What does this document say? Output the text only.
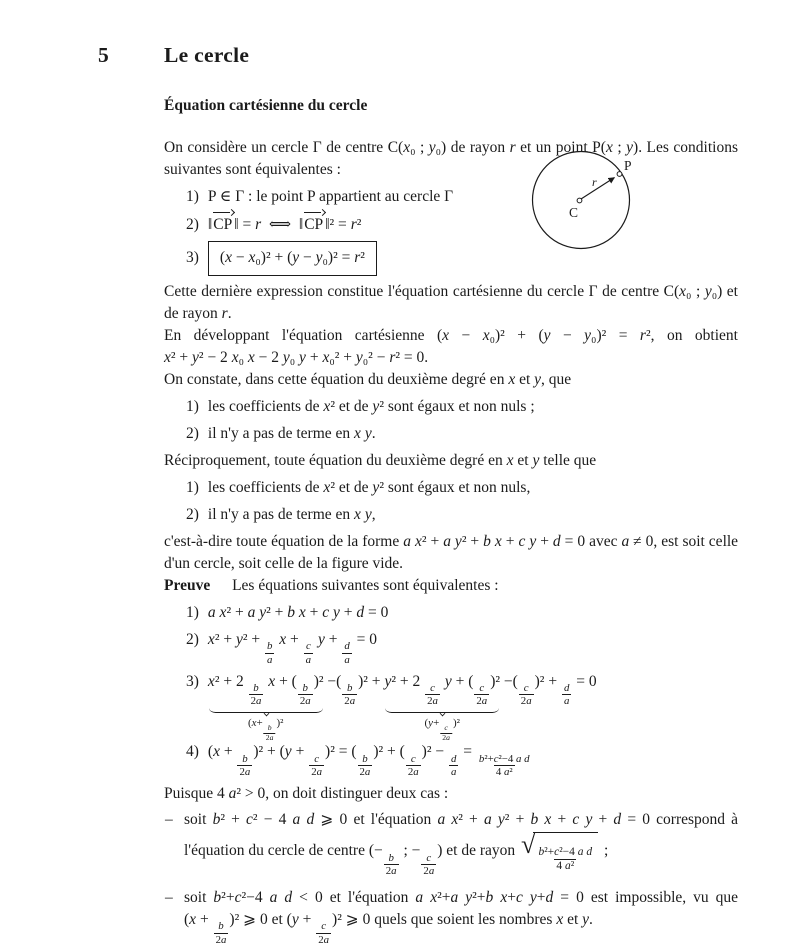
C
P
r
5	Le cercle
Équation cartésienne du cercle

On considère un cercle Γ de centre C(x₀ ; y₀) de rayon r et un point P(x ; y). Les conditions suivantes sont équivalentes :

1) P ∈ Γ : le point P appartient au cercle Γ
2) ‖CP ‖ = r ⟺ ‖CP ‖² = r²
3)	(x − x₀)² + (y − y₀)² = r²

Cette dernière expression constitue l'équation cartésienne du cercle Γ de centre C(x₀ ; y₀) et de rayon r.

En développant l'équation cartésienne (x − x₀)² + (y − y₀)² = r², on obtient x² + y² − 2 x₀ x − 2 y₀ y + x₀² + y₀² − r² = 0.

On constate, dans cette équation du deuxième degré en x et y, que

1) les coefficients de x² et de y² sont égaux et non nuls ;
2) il n'y a pas de terme en x y.

Réciproquement, toute équation du deuxième degré en x et y telle que

1) les coefficients de x² et de y² sont égaux et non nuls,
2) il n'y a pas de terme en x y,

c'est-à-dire toute équation de la forme a x² + a y² + b x + c y + d = 0 avec a ≠ 0, est soit celle d'un cercle, soit celle de la figure vide.

Preuve Les équations suivantes sont équivalentes :

1) a x² + a y² + b x + c y + d = 0
2) x² + y² +
$\frac{b}{a}$
x +
$\frac{c}{a}$
y +
$\frac{d}{a}$
= 0
3) x² + 2
$\frac{b}{2a}$
x + (
$\frac{b}{2a}$
)²
(x+
$\frac{b}{2a}$
)²
−(
$\frac{b}{2a}$
)² + y² + 2
$\frac{c}{2a}$
y + (
$\frac{c}{2a}$
)²
(y+
$\frac{c}{2a}$
)²
−(
$\frac{c}{2a}$
)² +
$\frac{d}{a}$
= 0
4) (x +
$\frac{b}{2a}$
)² + (y +
$\frac{c}{2a}$
)² = (
$\frac{b}{2a}$
)² + (
$\frac{c}{2a}$
)² −
$\frac{d}{a}$
=
$\frac{\text{b²+c²−4 a d}}{\text{4 a²}}$

Puisque 4 a² > 0, on doit distinguer deux cas :

– soit b² + c² − 4 a d ⩾ 0 et l'équation a x² + a y² + b x + c y + d = 0 correspond à l'équation du cercle de centre (−
$\frac{b}{2a}$
; −
$\frac{c}{2a}$
) et de rayon √ $\frac{\text{b²+c²−4 a d}}{\text{4 a²}}$ ;
– soit b²+c²−4 a d < 0 et l'équation a x²+a y²+b x+c y+d = 0 est impossible, vu que (x +
$\frac{b}{2a}$
)² ⩾ 0 et (y +
$\frac{c}{2a}$
)² ⩾ 0 quels que soient les nombres x et y.
